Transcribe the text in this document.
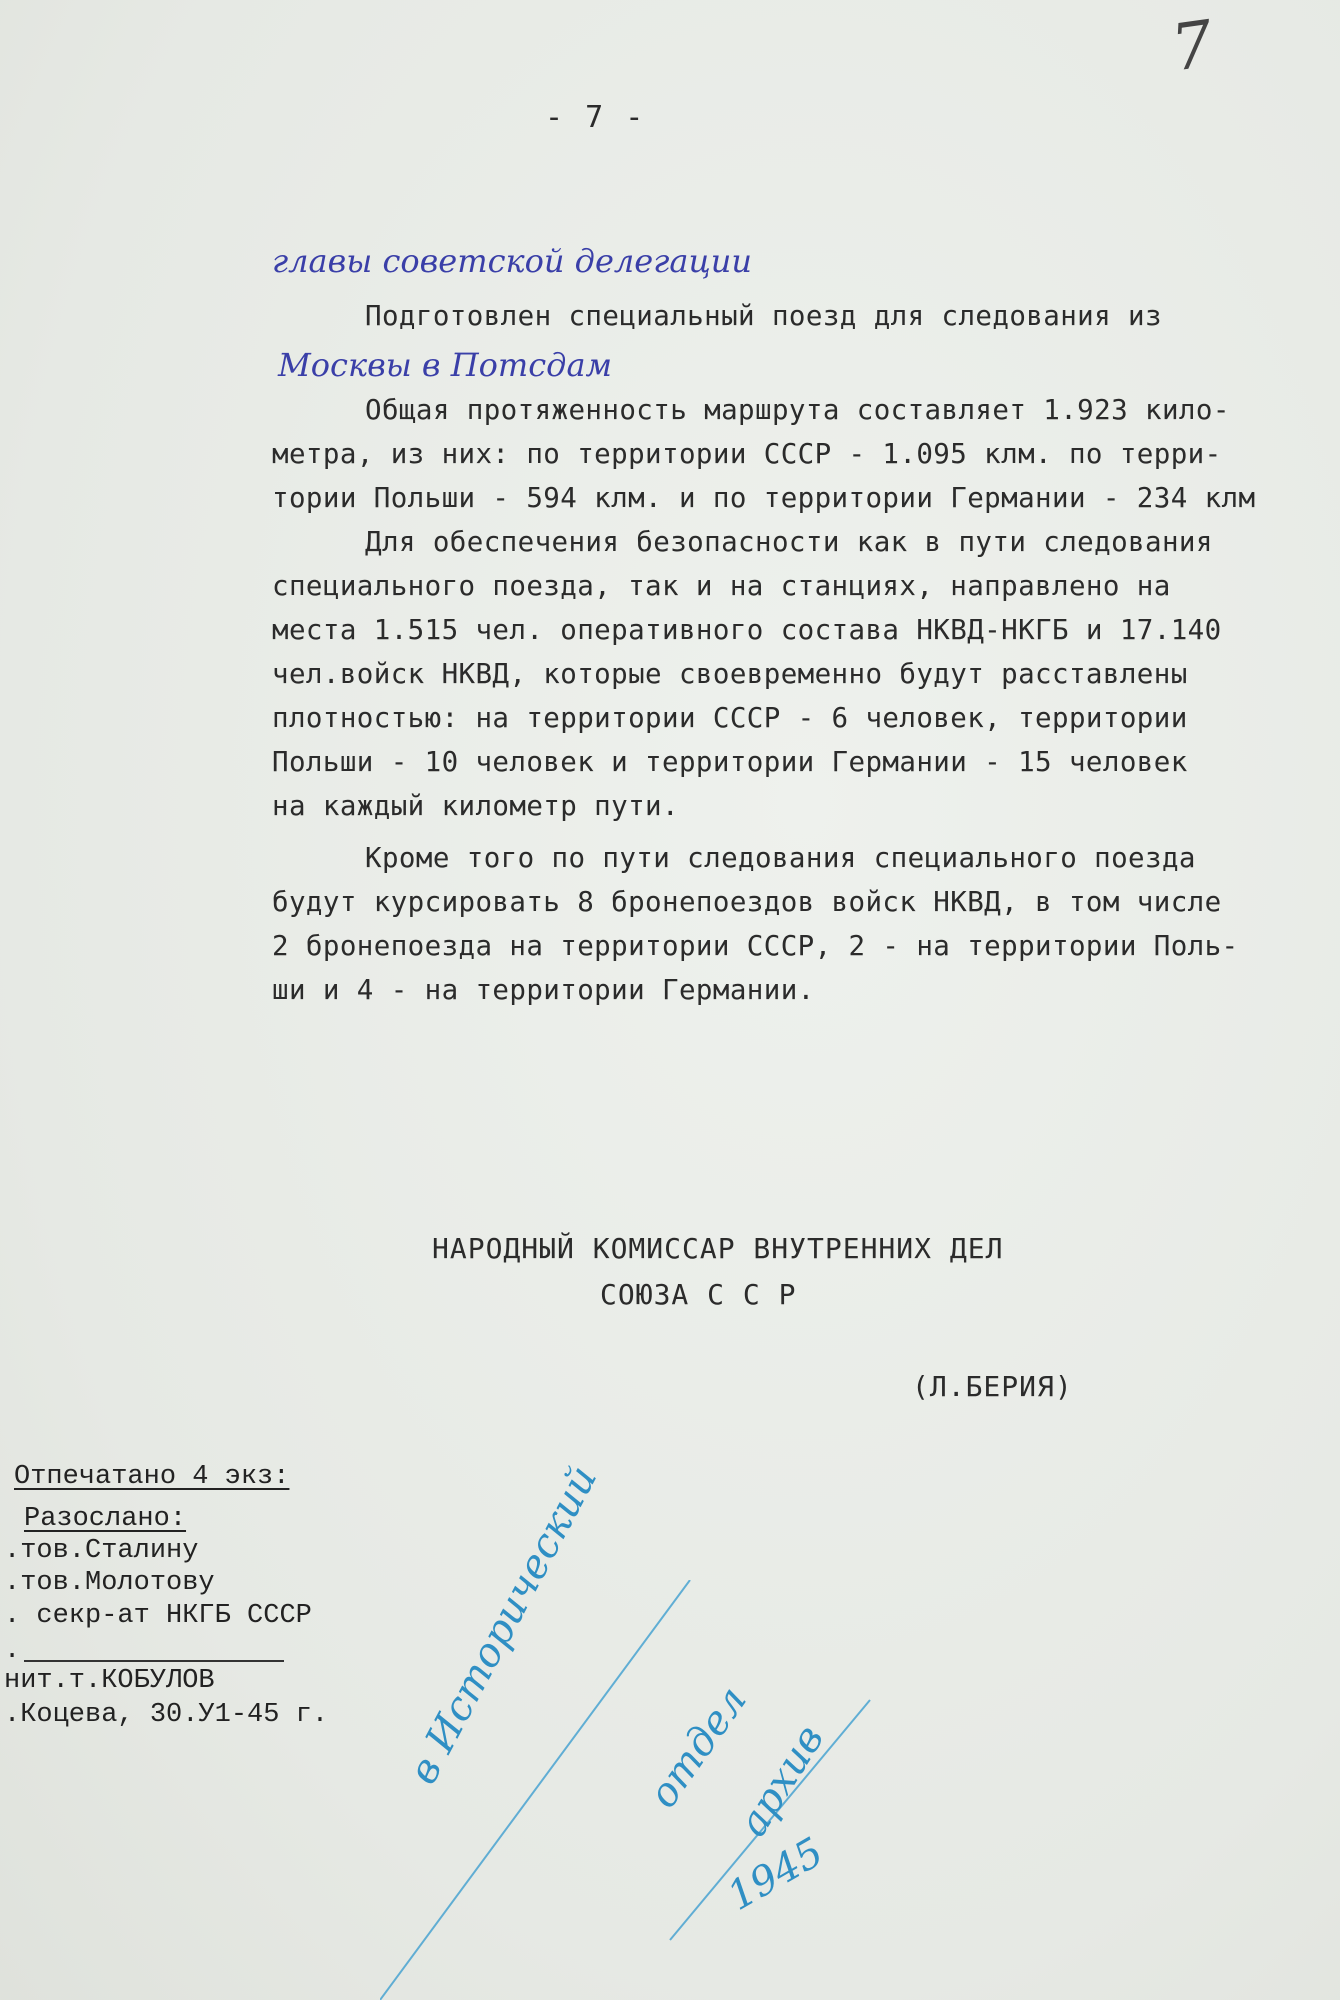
7
- 7 -
главы советской делегации
Подготовлен специальный поезд для следования из
Москвы в Потсдам
Общая протяженность маршрута составляет 1.923 кило-
метра, из них: по территории СССР - 1.095 клм. по терри-
тории Польши - 594 клм. и по территории Германии - 234 клм
Для обеспечения безопасности как в пути следования
специального поезда, так и на станциях, направлено на
места 1.515 чел. оперативного состава НКВД-НКГБ и 17.140
чел.войск НКВД, которые своевременно будут расставлены
плотностью: на территории СССР - 6 человек, территории
Польши - 10 человек и территории Германии - 15 человек
на каждый километр пути.
Кроме того по пути следования специального поезда
будут курсировать 8 бронепоездов войск НКВД, в том числе
2 бронепоезда на территории СССР, 2 - на территории Поль-
ши и 4 - на территории Германии.
НАРОДНЫЙ КОМИССАР ВНУТРЕННИХ ДЕЛ
СОЮЗА С С Р
(Л.БЕРИЯ)
Отпечатано 4 экз:
Разослано:
.тов.Сталину
.тов.Молотову
. секр-ат НКГБ СССР
.
нит.т.КОБУЛОВ
.Коцева, 30.У1-45 г. в Исторический отдел
архив
1945
